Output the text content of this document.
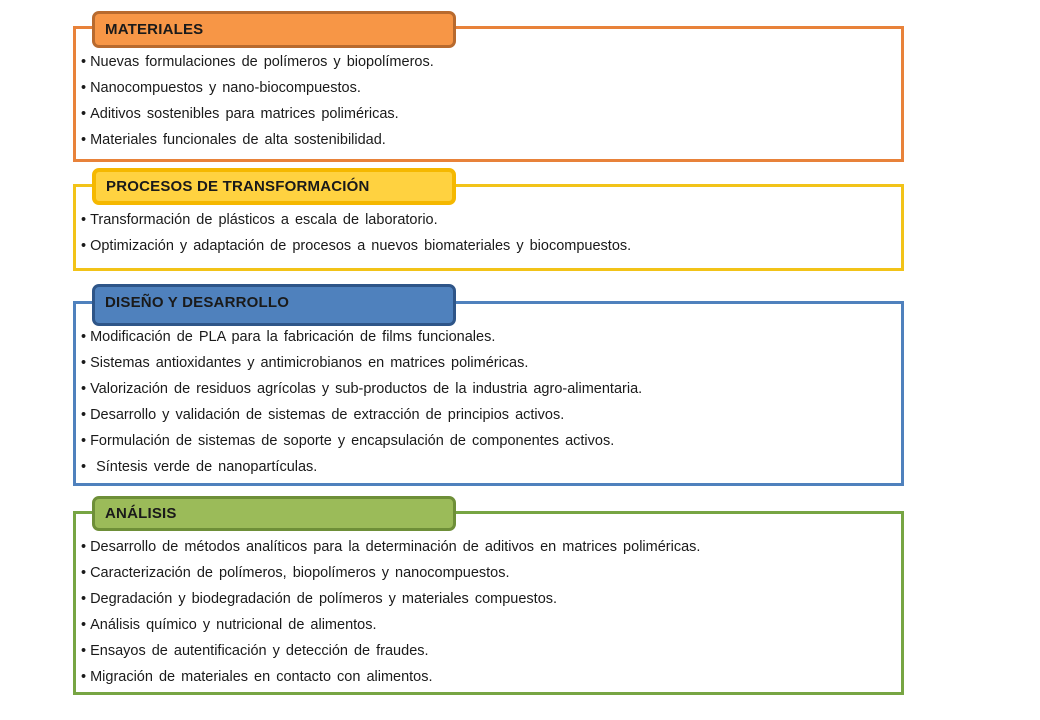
MATERIALES
• Nuevas formulaciones de polímeros y biopolímeros.
• Nanocompuestos y nano-biocompuestos.
• Aditivos sostenibles para matrices poliméricas.
• Materiales funcionales de alta sostenibilidad.
PROCESOS DE TRANSFORMACIÓN
• Transformación de plásticos a escala de laboratorio.
• Optimización y adaptación de procesos a nuevos biomateriales y biocompuestos.
DISEÑO Y DESARROLLO
• Modificación de PLA para la fabricación de films funcionales.
• Sistemas antioxidantes y antimicrobianos en matrices poliméricas.
• Valorización de residuos agrícolas y sub-productos de la industria agro-alimentaria.
• Desarrollo y validación de sistemas de extracción de principios activos.
• Formulación de sistemas de soporte y encapsulación de componentes activos.
• Síntesis verde de nanopartículas.
ANÁLISIS
• Desarrollo de métodos analíticos para la determinación de aditivos en matrices poliméricas.
• Caracterización de polímeros, biopolímeros y nanocompuestos.
• Degradación y biodegradación de polímeros y materiales compuestos.
• Análisis químico y nutricional de alimentos.
• Ensayos de autentificación y detección de fraudes.
• Migración de materiales en contacto con alimentos.
